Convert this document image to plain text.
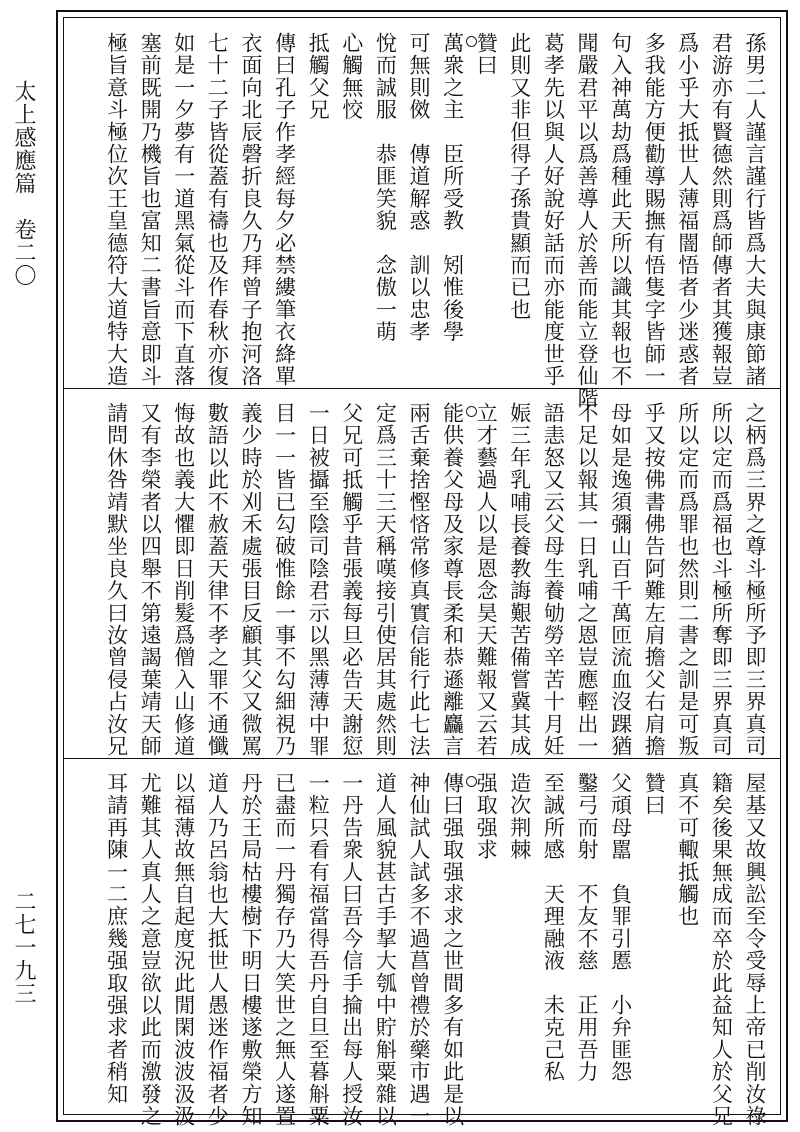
太上感應篇　卷二〇
二七一九三
孫男二人謹言謹行皆爲大夫與康節諸
君游亦有賢德然則爲師傳者其獲報豈
爲小乎大抵世人薄福闇悟者少迷惑者
多我能方便勸導賜撫有悟隻字皆師一
句入神萬劫爲種此天所以識其報也不
聞嚴君平以爲善導人於善而能立登仙階
葛孝先以與人好說好話而亦能度世乎
此則又非但得子孫貴顯而已也
贊曰
萬衆之主　臣所受教　矧惟後學
可無則傚　傳道解惑　訓以忠孝
悅而誠服　恭匪笑貌　念傲一萌
心觸無恔
抵觸父兄
傳曰孔子作孝經每夕必禁縷筆衣絳單
衣面向北辰磬折良久乃拜曾子抱河洛
七十二子皆從蓋有禱也及作春秋亦復
如是一夕夢有一道黑氣從斗而下直落
塞前既開乃機旨也富知二書旨意即斗
極旨意斗極位次王皇德符大道特大造
之柄爲三界之尊斗極所予即三界真司
所以定而爲福也斗極所奪即三界真司
所以定而爲罪也然則二書之訓是可叛
乎又按佛書佛告阿難左肩擔父右肩擔
母如是逸須彌山百千萬匝流血沒踝猶
不足以報其一日乳哺之恩豈應輕出一
語恚怒又云父母生養劬勞辛苦十月妊
娠三年乳哺長養教誨艱苦備嘗冀其成
立才藝過人以是恩念昊天難報又云若
能供養父母及家尊長柔和恭遜離麤言
兩舌棄捨慳悋常修真實信能行此七法
定爲三十三天稱嘆接引使居其處然則
父兄可抵觸乎昔張義每旦必告天謝愆
一日被攝至陰司陰君示以黑薄薄中罪
目一一皆已勾破惟餘一事不勾細視乃
義少時於刈禾處張目反顧其父又微罵
數語以此不赦蓋天律不孝之罪不通懺
悔故也義大懼即日削髮爲僧入山修道
又有李榮者以四舉不第遠謁葉靖天師
請問休咎靖默坐良久曰汝曾侵占汝兄
屋基又故興訟至令受辱上帝已削汝祿
籍矣後果無成而卒於此益知人於父兄
真不可輙抵觸也
贊曰
父頑母嚚　負罪引慝　小弁匪怨
鑿弓而射　不友不慈　正用吾力
至誠所感　天理融液　未克己私
造次荆棘
强取强求
傳曰强取强求求之世間多有如此是以
神仙試人試多不過菖曾禮於藥市遇一
道人風貌甚古手挈大瓠中貯斛粟雜以
一丹告衆人曰吾今信手掄出每人授汝
一粒只看有福當得吾丹自旦至暮斛粟
已盡而一丹獨存乃大笑世之無人遂置
丹於王局枯樓樹下明日樓遂敷榮方知
道人乃呂翁也大抵世人愚迷作福者少
以福薄故無自起度況此閒閑波波汲汲
尤難其人真人之意豈欲以此而激發之
耳請再陳一二庶幾强取强求者稍知
